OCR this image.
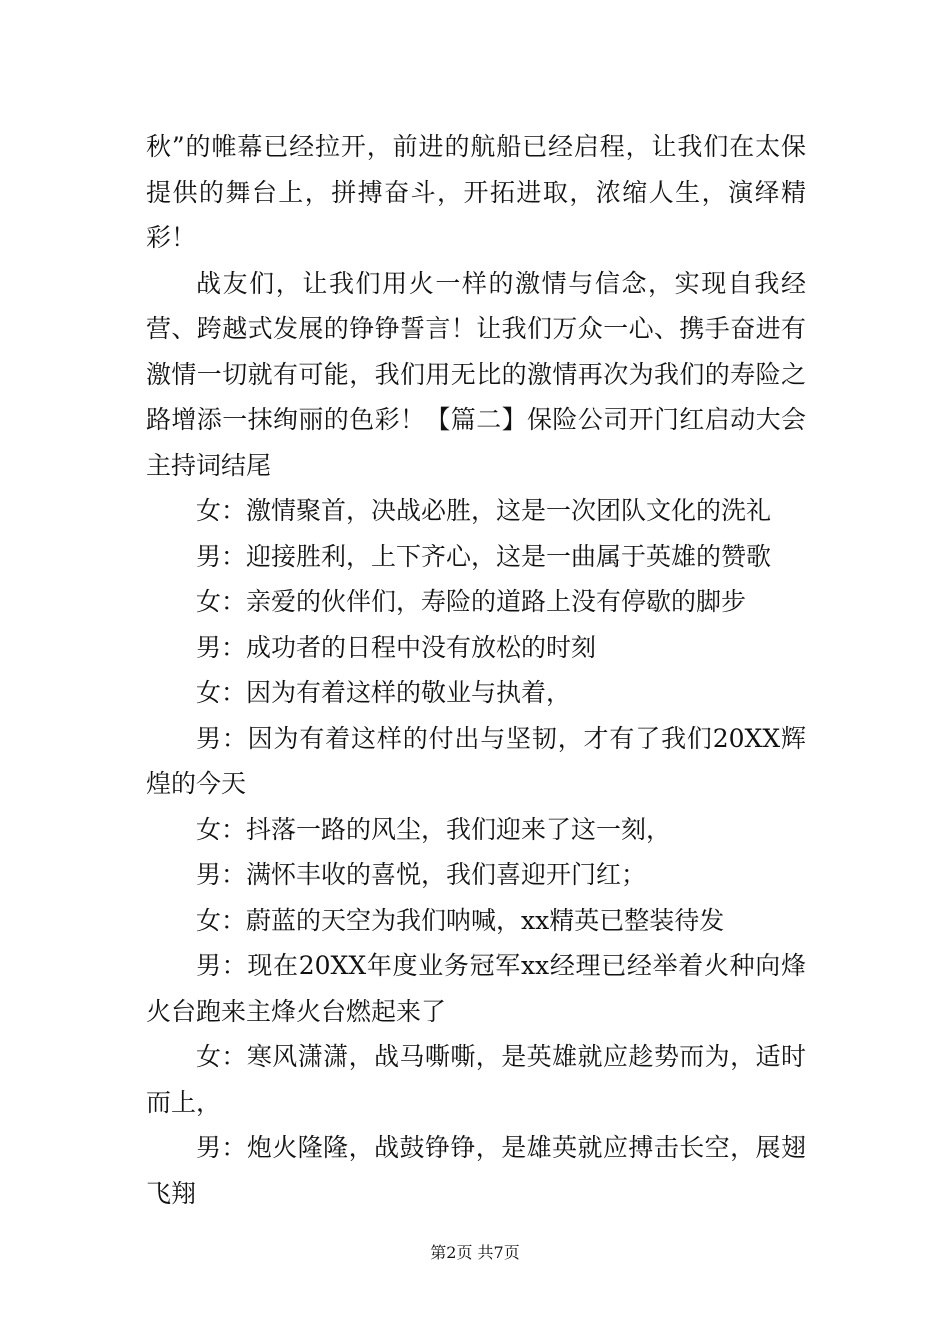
秋”的帷幕已经拉开，前进的航船已经启程，让我们在太保提供的舞台上，拼搏奋斗，开拓进取，浓缩人生，演绎精彩！

战友们，让我们用火一样的激情与信念，实现自我经营、跨越式发展的铮铮誓言！让我们万众一心、携手奋进有激情一切就有可能，我们用无比的激情再次为我们的寿险之路增添一抹绚丽的色彩！【篇二】保险公司开门红启动大会主持词结尾

女：激情聚首，决战必胜，这是一次团队文化的洗礼

男：迎接胜利，上下齐心，这是一曲属于英雄的赞歌

女：亲爱的伙伴们，寿险的道路上没有停歇的脚步

男：成功者的日程中没有放松的时刻

女：因为有着这样的敬业与执着，

男：因为有着这样的付出与坚韧，才有了我们20XX辉煌的今天

女：抖落一路的风尘，我们迎来了这一刻，

男：满怀丰收的喜悦，我们喜迎开门红；

女：蔚蓝的天空为我们呐喊，xx精英已整装待发

男：现在20XX年度业务冠军xx经理已经举着火种向烽火台跑来主烽火台燃起来了

女：寒风潇潇，战马嘶嘶，是英雄就应趁势而为，适时而上，

男：炮火隆隆，战鼓铮铮，是雄英就应搏击长空，展翅飞翔

第2页 共7页
